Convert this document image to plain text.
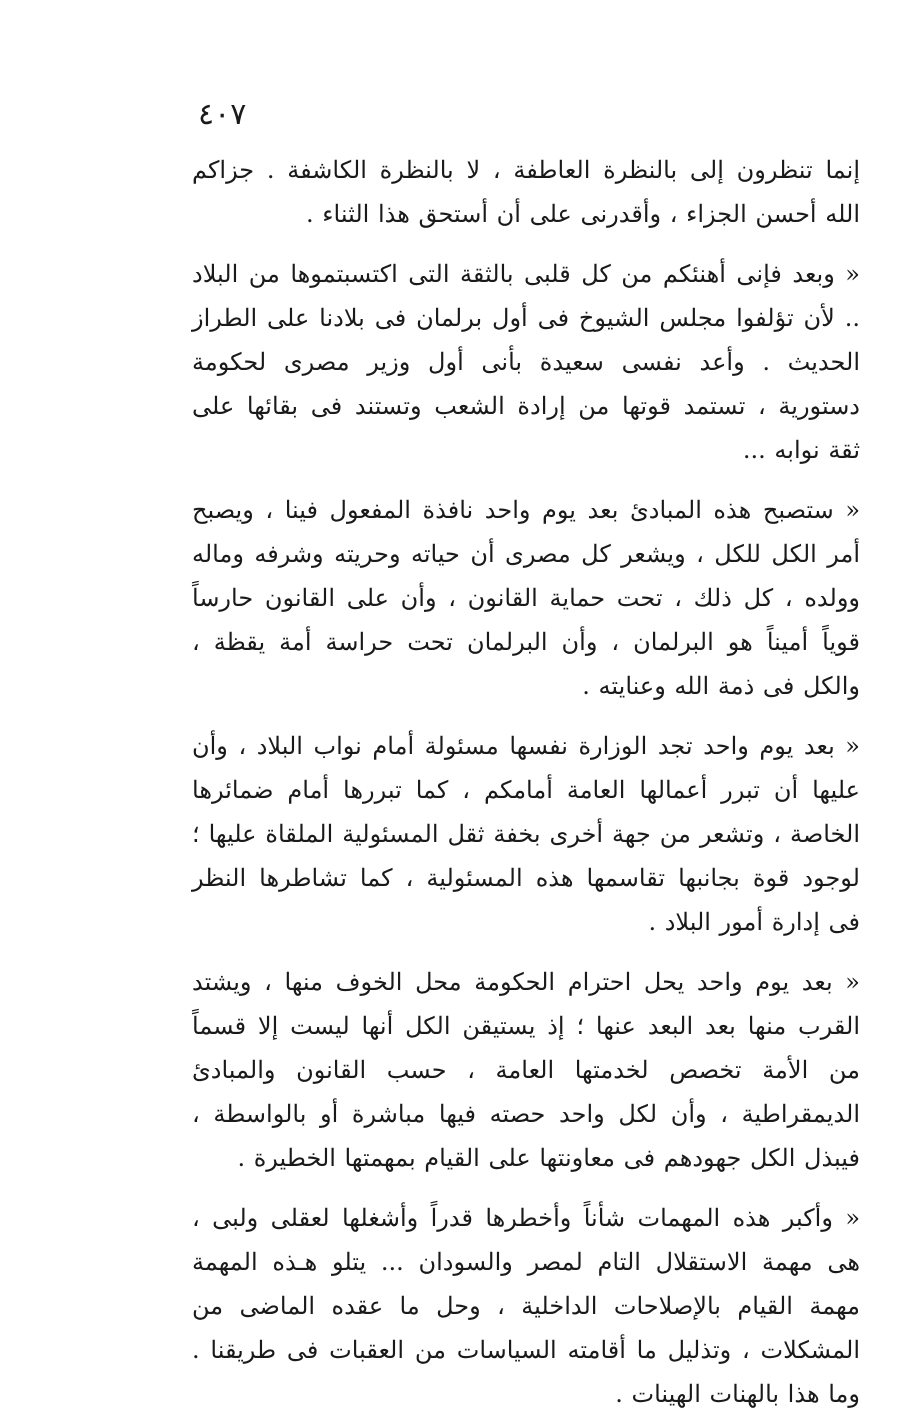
٤٠٧

إنما تنظرون إلى بالنظرة العاطفة ، لا بالنظرة الكاشفة . جزاكم الله أحسن الجزاء ، وأقدرنى على أن أستحق هذا الثناء .

« وبعد فإنى أهنئكم من كل قلبى بالثقة التى اكتسبتموها من البلاد .. لأن تؤلفوا مجلس الشيوخ فى أول برلمان فى بلادنا على الطراز الحديث . وأعد نفسى سعيدة بأنى أول وزير مصرى لحكومة دستورية ، تستمد قوتها من إرادة الشعب وتستند فى بقائها على ثقة نوابه ...

« ستصبح هذه المبادئ بعد يوم واحد نافذة المفعول فينا ، ويصبح أمر الكل للكل ، ويشعر كل مصرى أن حياته وحريته وشرفه وماله وولده ، كل ذلك ، تحت حماية القانون ، وأن على القانون حارساً قوياً أميناً هو البرلمان ، وأن البرلمان تحت حراسة أمة يقظة ، والكل فى ذمة الله وعنايته .

« بعد يوم واحد تجد الوزارة نفسها مسئولة أمام نواب البلاد ، وأن عليها أن تبرر أعمالها العامة أمامكم ، كما تبررها أمام ضمائرها الخاصة ، وتشعر من جهة أخرى بخفة ثقل المسئولية الملقاة عليها ؛ لوجود قوة بجانبها تقاسمها هذه المسئولية ، كما تشاطرها النظر فى إدارة أمور البلاد .

« بعد يوم واحد يحل احترام الحكومة محل الخوف منها ، ويشتد القرب منها بعد البعد عنها ؛ إذ يستيقن الكل أنها ليست إلا قسماً من الأمة تخصص لخدمتها العامة ، حسب القانون والمبادئ الديمقراطية ، وأن لكل واحد حصته فيها مباشرة أو بالواسطة ، فيبذل الكل جهودهم فى معاونتها على القيام بمهمتها الخطيرة .

« وأكبر هذه المهمات شأناً وأخطرها قدراً وأشغلها لعقلى ولبى ، هى مهمة الاستقلال التام لمصر والسودان ... يتلو هـذه المهمة مهمة القيام بالإصلاحات الداخلية ، وحل ما عقده الماضى من المشكلات ، وتذليل ما أقامته السياسات من العقبات فى طريقنا . وما هذا بالهنات الهينات .
